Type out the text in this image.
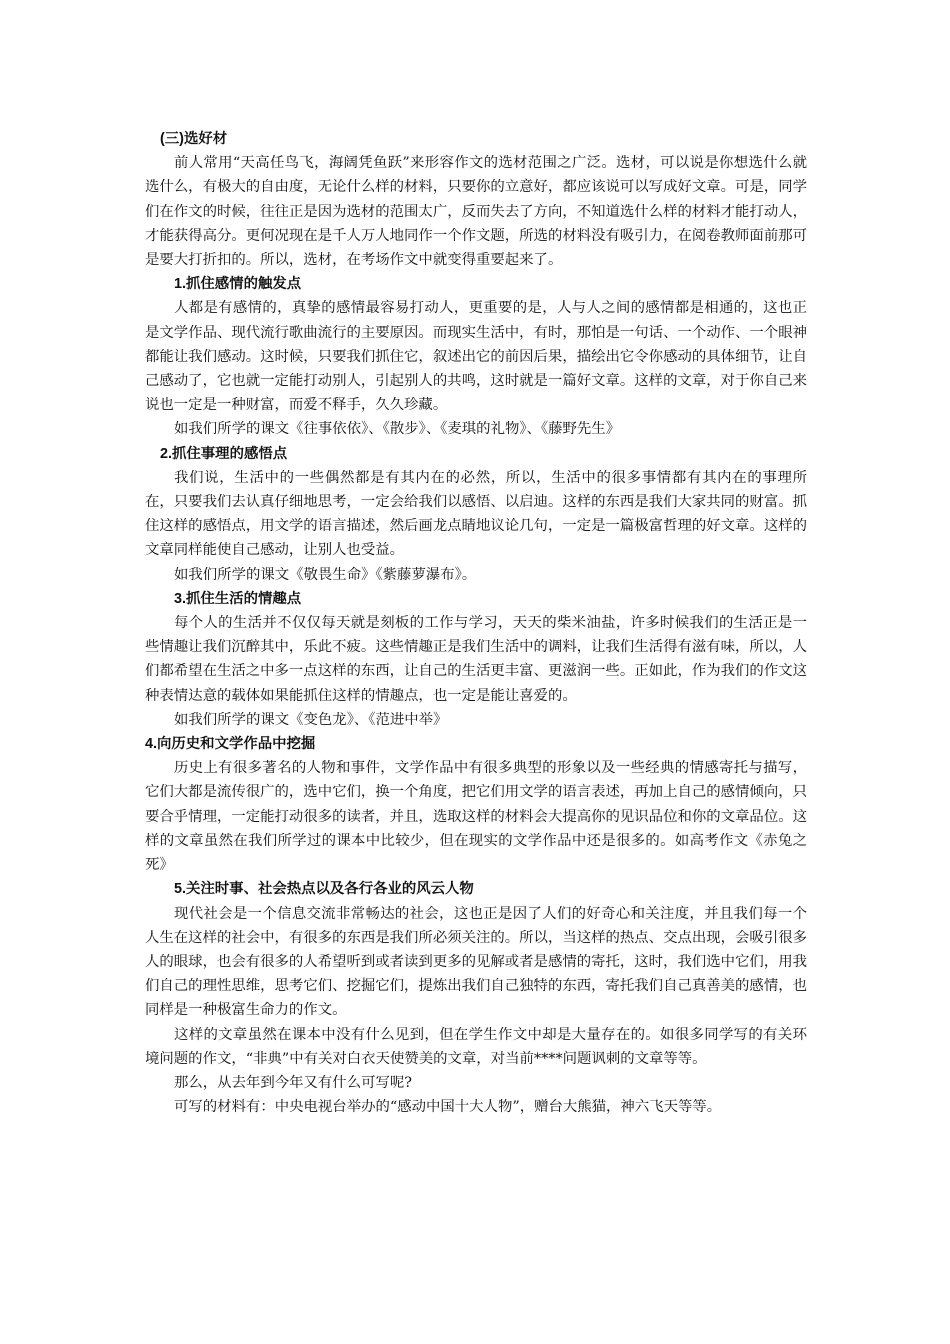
(三)选好材

前人常用“天高任鸟飞，海阔凭鱼跃”来形容作文的选材范围之广泛。选材，可以说是你想选什么就选什么，有极大的自由度，无论什么样的材料，只要你的立意好，都应该说可以写成好文章。可是，同学们在作文的时候，往往正是因为选材的范围太广，反而失去了方向，不知道选什么样的材料才能打动人，才能获得高分。更何况现在是千人万人地同作一个作文题，所选的材料没有吸引力，在阅卷教师面前那可是要大打折扣的。所以，选材，在考场作文中就变得重要起来了。

1.抓住感情的触发点

人都是有感情的，真挚的感情最容易打动人，更重要的是，人与人之间的感情都是相通的，这也正是文学作品、现代流行歌曲流行的主要原因。而现实生活中，有时，那怕是一句话、一个动作、一个眼神都能让我们感动。这时候，只要我们抓住它，叙述出它的前因后果，描绘出它令你感动的具体细节，让自己感动了，它也就一定能打动别人，引起别人的共鸣，这时就是一篇好文章。这样的文章，对于你自己来说也一定是一种财富，而爱不释手，久久珍藏。

如我们所学的课文《往事依依》、《散步》、《麦琪的礼物》、《藤野先生》

2.抓住事理的感悟点

我们说，生活中的一些偶然都是有其内在的必然，所以，生活中的很多事情都有其内在的事理所在，只要我们去认真仔细地思考，一定会给我们以感悟、以启迪。这样的东西是我们大家共同的财富。抓住这样的感悟点，用文学的语言描述，然后画龙点睛地议论几句，一定是一篇极富哲理的好文章。这样的文章同样能使自己感动，让别人也受益。

如我们所学的课文《敬畏生命》《紫藤萝瀑布》。

3.抓住生活的情趣点

每个人的生活并不仅仅每天就是刻板的工作与学习，天天的柴米油盐，许多时候我们的生活正是一些情趣让我们沉醉其中，乐此不疲。这些情趣正是我们生活中的调料，让我们生活得有滋有味，所以，人们都希望在生活之中多一点这样的东西，让自己的生活更丰富、更滋润一些。正如此，作为我们的作文这种表情达意的载体如果能抓住这样的情趣点，也一定是能让喜爱的。

如我们所学的课文《变色龙》、《范进中举》

4.向历史和文学作品中挖掘

历史上有很多著名的人物和事件，文学作品中有很多典型的形象以及一些经典的情感寄托与描写，它们大都是流传很广的，选中它们，换一个角度，把它们用文学的语言表述，再加上自己的感情倾向，只要合乎情理，一定能打动很多的读者，并且，选取这样的材料会大提高你的见识品位和你的文章品位。这样的文章虽然在我们所学过的课本中比较少，但在现实的文学作品中还是很多的。如高考作文《赤兔之死》

5.关注时事、社会热点以及各行各业的风云人物

现代社会是一个信息交流非常畅达的社会，这也正是因了人们的好奇心和关注度，并且我们每一个人生在这样的社会中，有很多的东西是我们所必须关注的。所以，当这样的热点、交点出现，会吸引很多人的眼球，也会有很多的人希望听到或者读到更多的见解或者是感情的寄托，这时，我们选中它们，用我们自己的理性思维，思考它们、挖掘它们，提炼出我们自己独特的东西，寄托我们自己真善美的感情，也同样是一种极富生命力的作文。

这样的文章虽然在课本中没有什么见到，但在学生作文中却是大量存在的。如很多同学写的有关环境问题的作文，“非典”中有关对白衣天使赞美的文章，对当前****问题讽刺的文章等等。

那么，从去年到今年又有什么可写呢?

可写的材料有：中央电视台举办的“感动中国十大人物”，赠台大熊猫，神六飞天等等。
